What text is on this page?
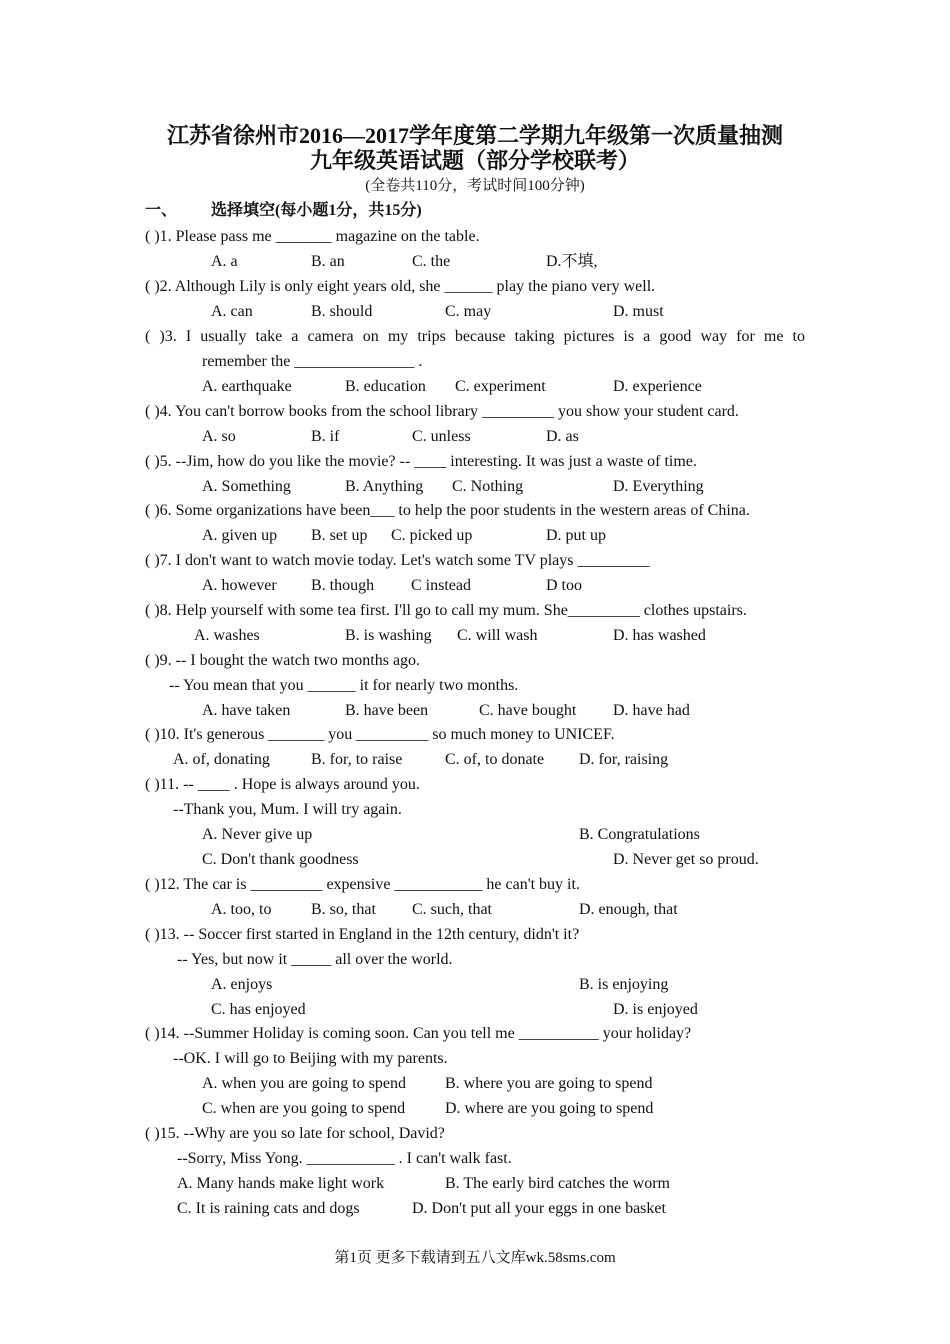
江苏省徐州市2016—2017学年度第二学期九年级第一次质量抽测
九年级英语试题（部分学校联考）
(全卷共110分，考试时间100分钟)
一、 选择填空(每小题1分，共15分)
( )1. Please pass me _______ magazine on the table.
A. a	B. an	C. the	D.不填,
( )2. Although Lily is only eight years old, she ______ play the piano very well.
A. can	B. should	C. may	D. must
( )3. I usually take a camera on my trips because taking pictures is a good way for me to
remember the _______________ .
A. earthquake	B. education C. experiment	D. experience
( )4. You can't borrow books from the school library _________ you show your student card.
A. so	B. if	C. unless	D. as
( )5. --Jim, how do you like the movie? -- ____ interesting. It was just a waste of time.
A. Something	B. Anything C. Nothing	D. Everything
( )6. Some organizations have been___ to help the poor students in the western areas of China.
A. given up B. set up C. picked up	D. put up
( )7. I don't want to watch movie today. Let's watch some TV plays _________
A. however B. though C instead	D too
( )8. Help yourself with some tea first. I'll go to call my mum. She_________ clothes upstairs.
A. washes	B. is washing C. will wash	D. has washed
( )9. -- I bought the watch two months ago.
-- You mean that you ______ it for nearly two months.
A. have taken	B. have been	C. have bought D. have had
( )10. It's generous _______ you _________ so much money to UNICEF.
A. of, donating	B. for, to raise	C. of, to donate D. for, raising
( )11. -- ____ . Hope is always around you.
--Thank you, Mum. I will try again.
A. Never give up	B. Congratulations
C. Don't thank goodness	D. Never get so proud.
( )12. The car is _________ expensive ___________ he can't buy it.
A. too, to B. so, that C. such, that	D. enough, that
( )13. -- Soccer first started in England in the 12th century, didn't it?
-- Yes, but now it _____ all over the world.
A. enjoys	B. is enjoying
C. has enjoyed	D. is enjoyed
( )14. --Summer Holiday is coming soon. Can you tell me __________ your holiday?
--OK. I will go to Beijing with my parents.
A. when you are going to spend B. where you are going to spend
C. when are you going to spend D. where are you going to spend
( )15. --Why are you so late for school, David?
--Sorry, Miss Yong. ___________ . I can't walk fast.
A. Many hands make light work	B. The early bird catches the worm
C. It is raining cats and dogs	D. Don't put all your eggs in one basket
第1页 更多下载请到五八文库wk.58sms.com
